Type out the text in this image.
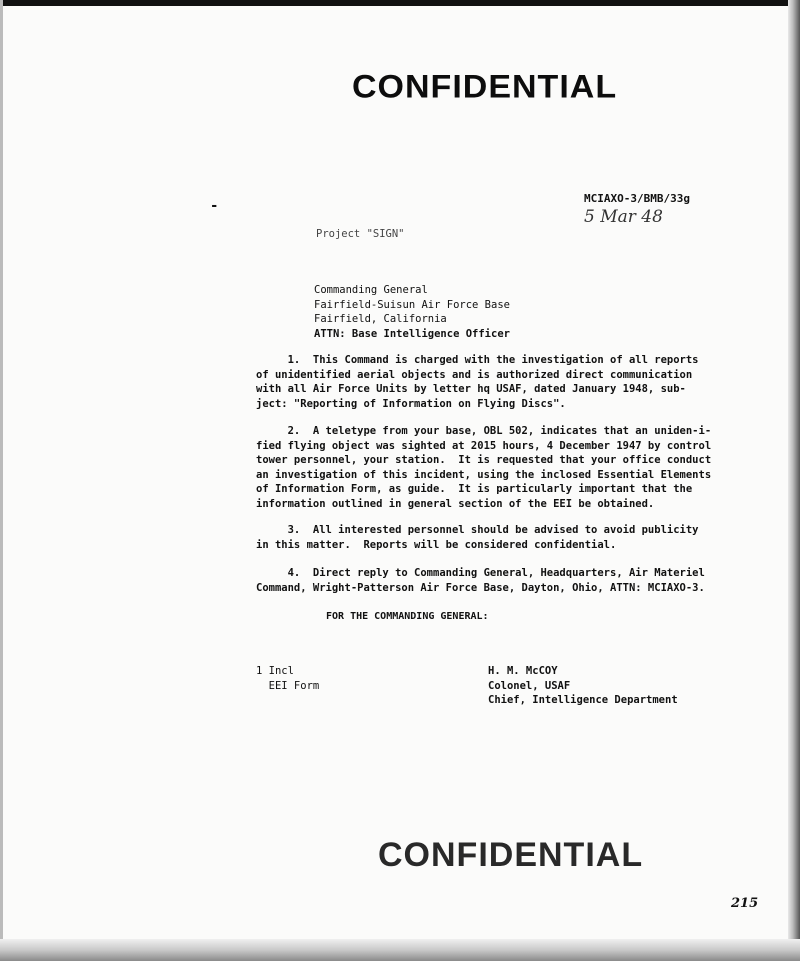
CONFIDENTIAL
-	MCIAXO-3/BMB/33g
5 Mar 48
Project "SIGN"
Commanding General
Fairfield-Suisun Air Force Base
Fairfield, California
ATTN: Base Intelligence Officer
1.  This Command is charged with the investigation of all reports
of unidentified aerial objects and is authorized direct communication
with all Air Force Units by letter hq USAF, dated January 1948, sub-
ject: "Reporting of Information on Flying Discs".
2.  A teletype from your base, OBL 502, indicates that an uniden-i-
fied flying object was sighted at 2015 hours, 4 December 1947 by control
tower personnel, your station.  It is requested that your office conduct
an investigation of this incident, using the inclosed Essential Elements
of Information Form, as guide.  It is particularly important that the
information outlined in general section of the EEI be obtained.
3.  All interested personnel should be advised to avoid publicity
in this matter.  Reports will be considered confidential.
4.  Direct reply to Commanding General, Headquarters, Air Materiel
Command, Wright-Patterson Air Force Base, Dayton, Ohio, ATTN: MCIAXO-3.
FOR THE COMMANDING GENERAL:
1 Incl
EEI Form
H. M. McCOY
Colonel, USAF
Chief, Intelligence Department
CONFIDENTIAL
215
